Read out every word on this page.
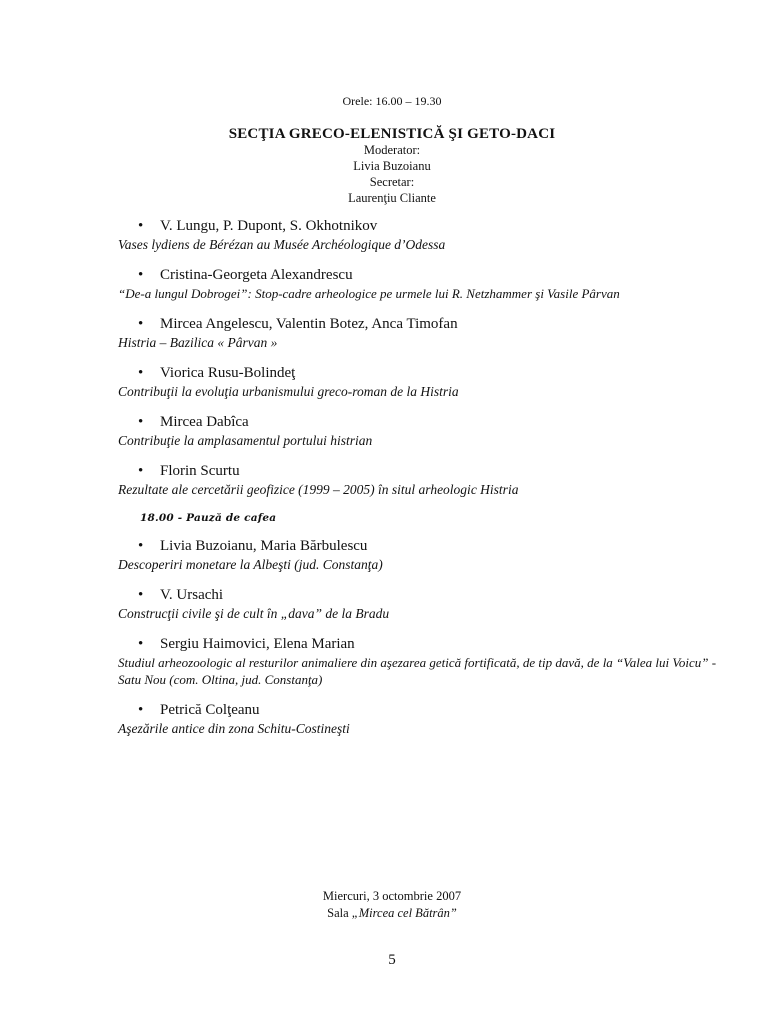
Orele: 16.00 – 19.30
SECŢIA GRECO-ELENISTICĂ ŞI GETO-DACI
Moderator:
Livia Buzoianu
Secretar:
Laurenţiu Cliante
• V. Lungu, P. Dupont, S. Okhotnikov
Vases lydiens de Bérézan au Musée Archéologique d’Odessa
• Cristina-Georgeta Alexandrescu
“De-a lungul Dobrogei”: Stop-cadre arheologice pe urmele lui R. Netzhammer şi Vasile Pârvan
• Mircea Angelescu, Valentin Botez, Anca Timofan
Histria – Bazilica « Pârvan »
• Viorica Rusu-Bolindeţ
Contribuţii la evoluţia urbanismului greco-roman de la Histria
• Mircea Dabîca
Contribuţie la amplasamentul portului histrian
• Florin Scurtu
Rezultate ale cercetării geofizice (1999 – 2005) în situl arheologic Histria
18.00 - Pauză de cafea
• Livia Buzoianu, Maria Bărbulescu
Descoperiri monetare la Albeşti (jud. Constanţa)
• V. Ursachi
Construcţii civile şi de cult în „dava” de la Bradu
• Sergiu Haimovici, Elena Marian
Studiul arheozoologic al resturilor animaliere din aşezarea getică fortificată, de tip davă, de la “Valea lui Voicu” - Satu Nou (com. Oltina, jud. Constanţa)
• Petrică Colţeanu
Aşezările antice din zona Schitu-Costineşti
Miercuri, 3 octombrie 2007
Sala „Mircea cel Bătrân”
5
